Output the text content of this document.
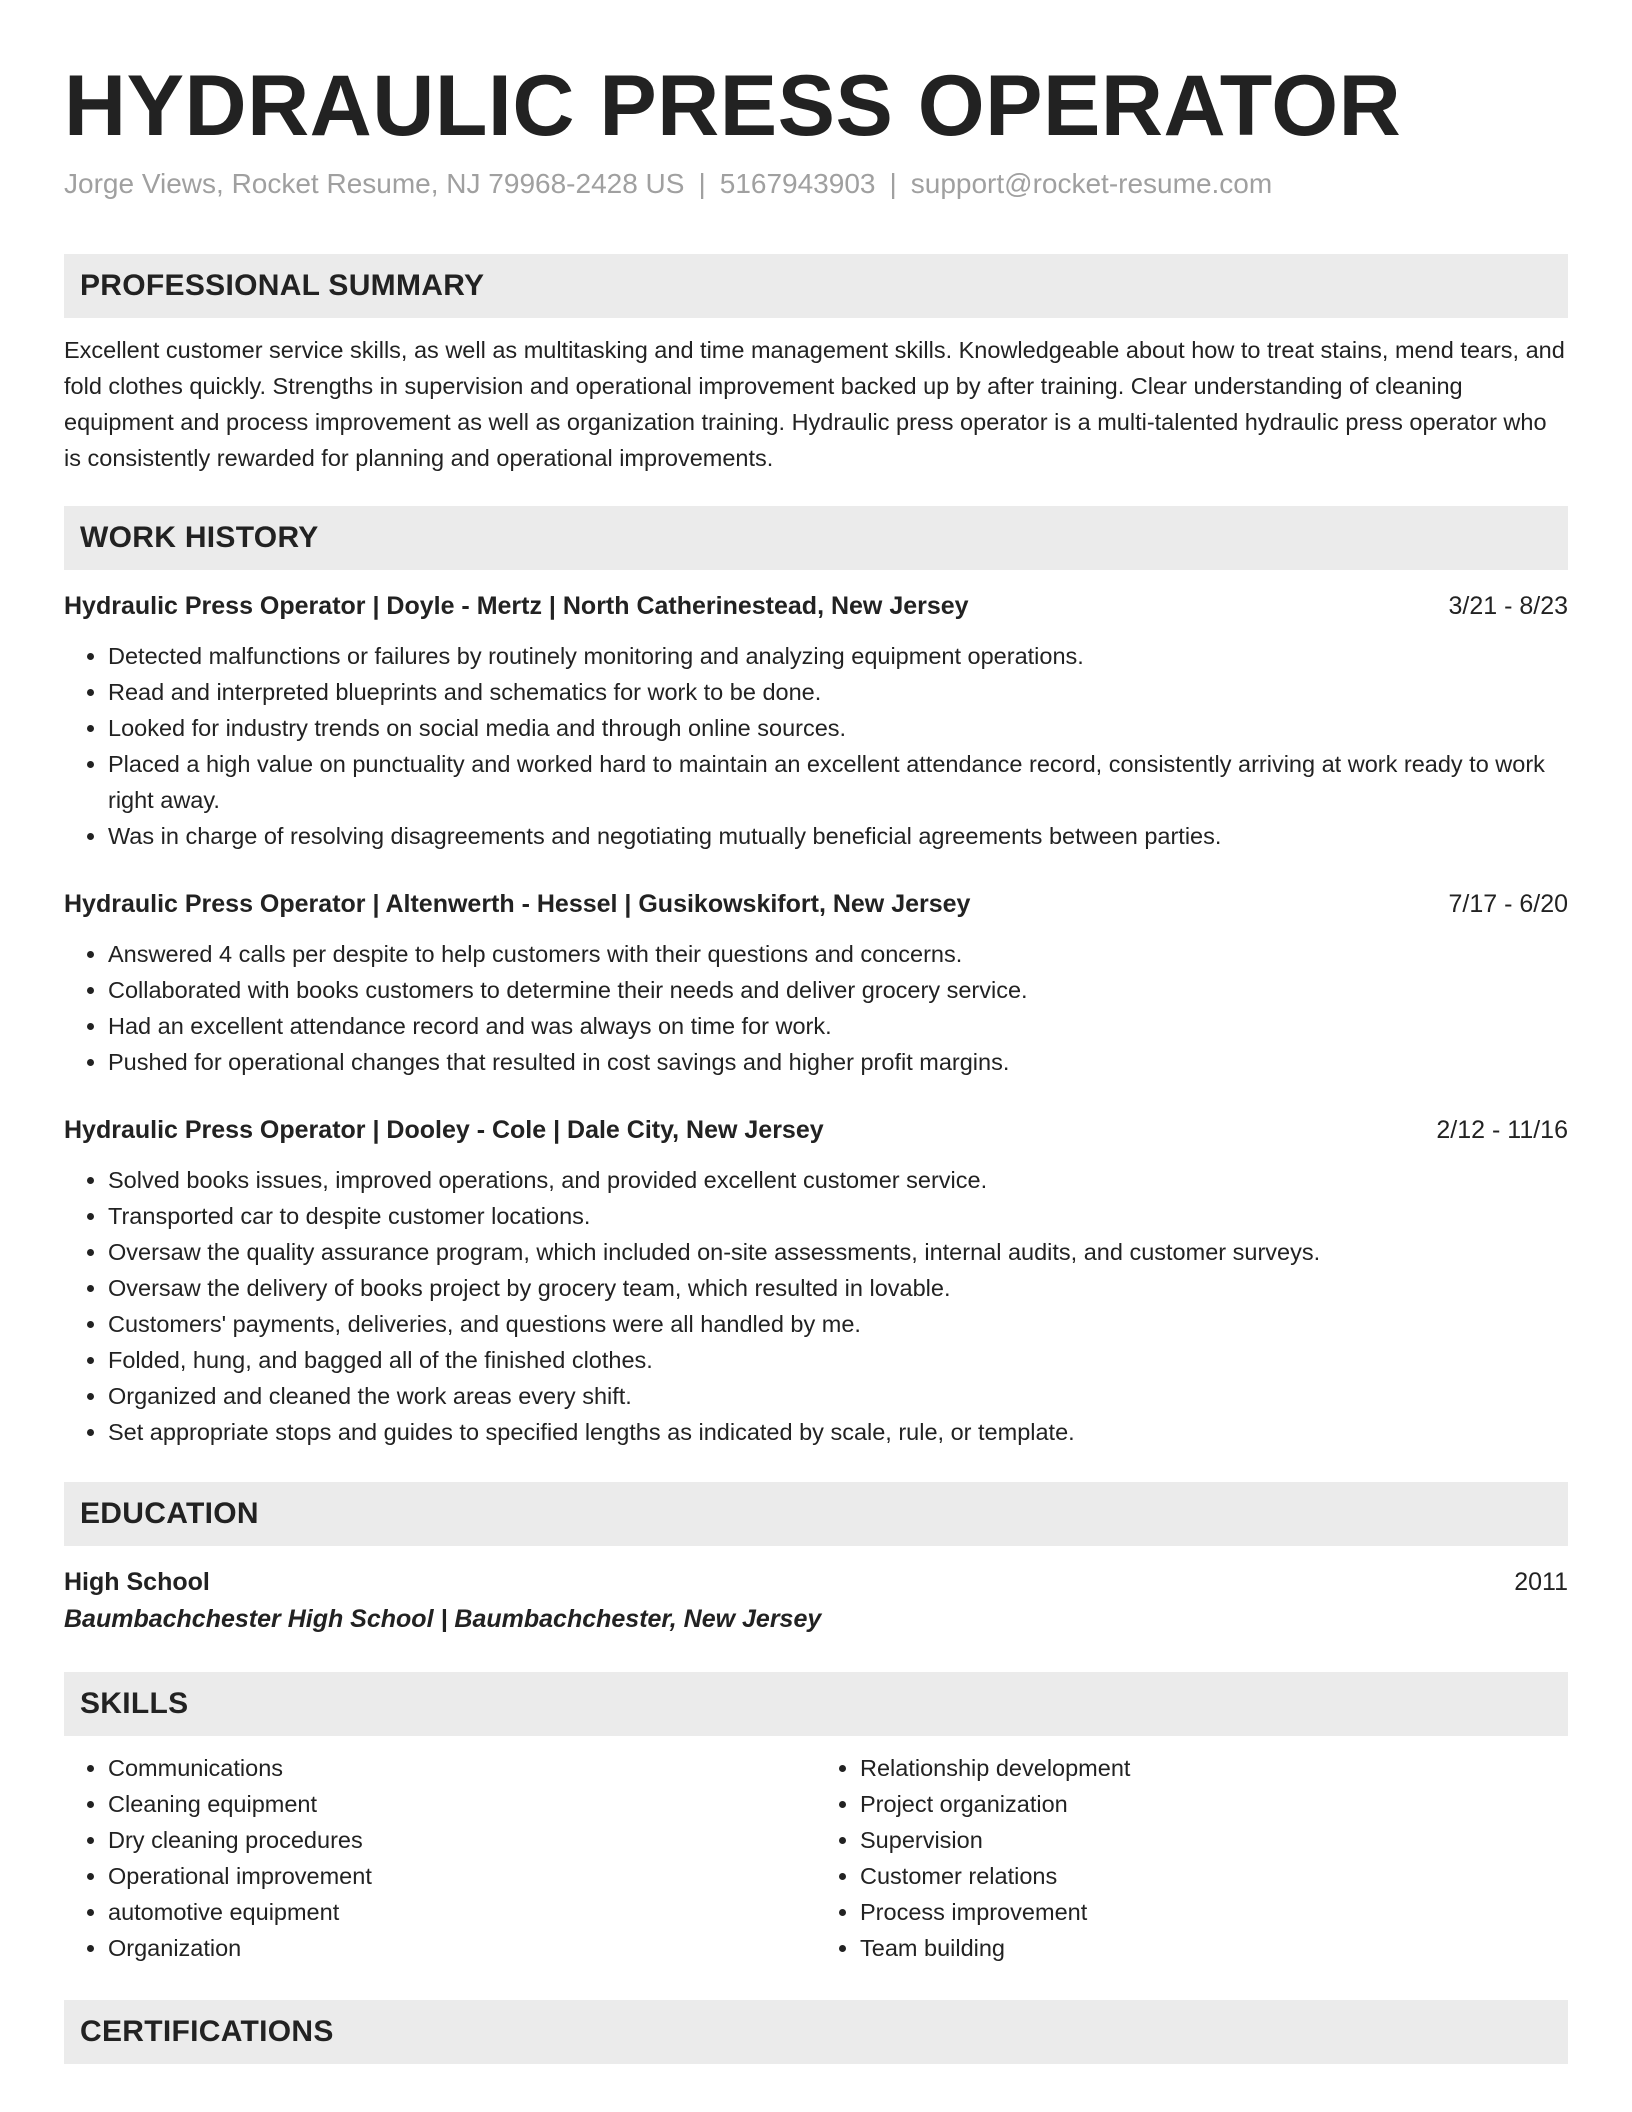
HYDRAULIC PRESS OPERATOR
Jorge Views, Rocket Resume, NJ 79968-2428 US | 5167943903 | support@rocket-resume.com
PROFESSIONAL SUMMARY
Excellent customer service skills, as well as multitasking and time management skills. Knowledgeable about how to treat stains, mend tears, and fold clothes quickly. Strengths in supervision and operational improvement backed up by after training. Clear understanding of cleaning equipment and process improvement as well as organization training. Hydraulic press operator is a multi-talented hydraulic press operator who is consistently rewarded for planning and operational improvements.
WORK HISTORY
Hydraulic Press Operator | Doyle - Mertz | North Catherinestead, New Jersey	3/21 - 8/23
• Detected malfunctions or failures by routinely monitoring and analyzing equipment operations.
• Read and interpreted blueprints and schematics for work to be done.
• Looked for industry trends on social media and through online sources.
• Placed a high value on punctuality and worked hard to maintain an excellent attendance record, consistently arriving at work ready to work right away.
• Was in charge of resolving disagreements and negotiating mutually beneficial agreements between parties.
Hydraulic Press Operator | Altenwerth - Hessel | Gusikowskifort, New Jersey	7/17 - 6/20
• Answered 4 calls per despite to help customers with their questions and concerns.
• Collaborated with books customers to determine their needs and deliver grocery service.
• Had an excellent attendance record and was always on time for work.
• Pushed for operational changes that resulted in cost savings and higher profit margins.
Hydraulic Press Operator | Dooley - Cole | Dale City, New Jersey	2/12 - 11/16
• Solved books issues, improved operations, and provided excellent customer service.
• Transported car to despite customer locations.
• Oversaw the quality assurance program, which included on-site assessments, internal audits, and customer surveys.
• Oversaw the delivery of books project by grocery team, which resulted in lovable.
• Customers' payments, deliveries, and questions were all handled by me.
• Folded, hung, and bagged all of the finished clothes.
• Organized and cleaned the work areas every shift.
• Set appropriate stops and guides to specified lengths as indicated by scale, rule, or template.
EDUCATION
High School	2011
Baumbachchester High School | Baumbachchester, New Jersey
SKILLS
• Communications
• Cleaning equipment
• Dry cleaning procedures
• Operational improvement
• automotive equipment
• Organization
• Relationship development
• Project organization
• Supervision
• Customer relations
• Process improvement
• Team building
CERTIFICATIONS
